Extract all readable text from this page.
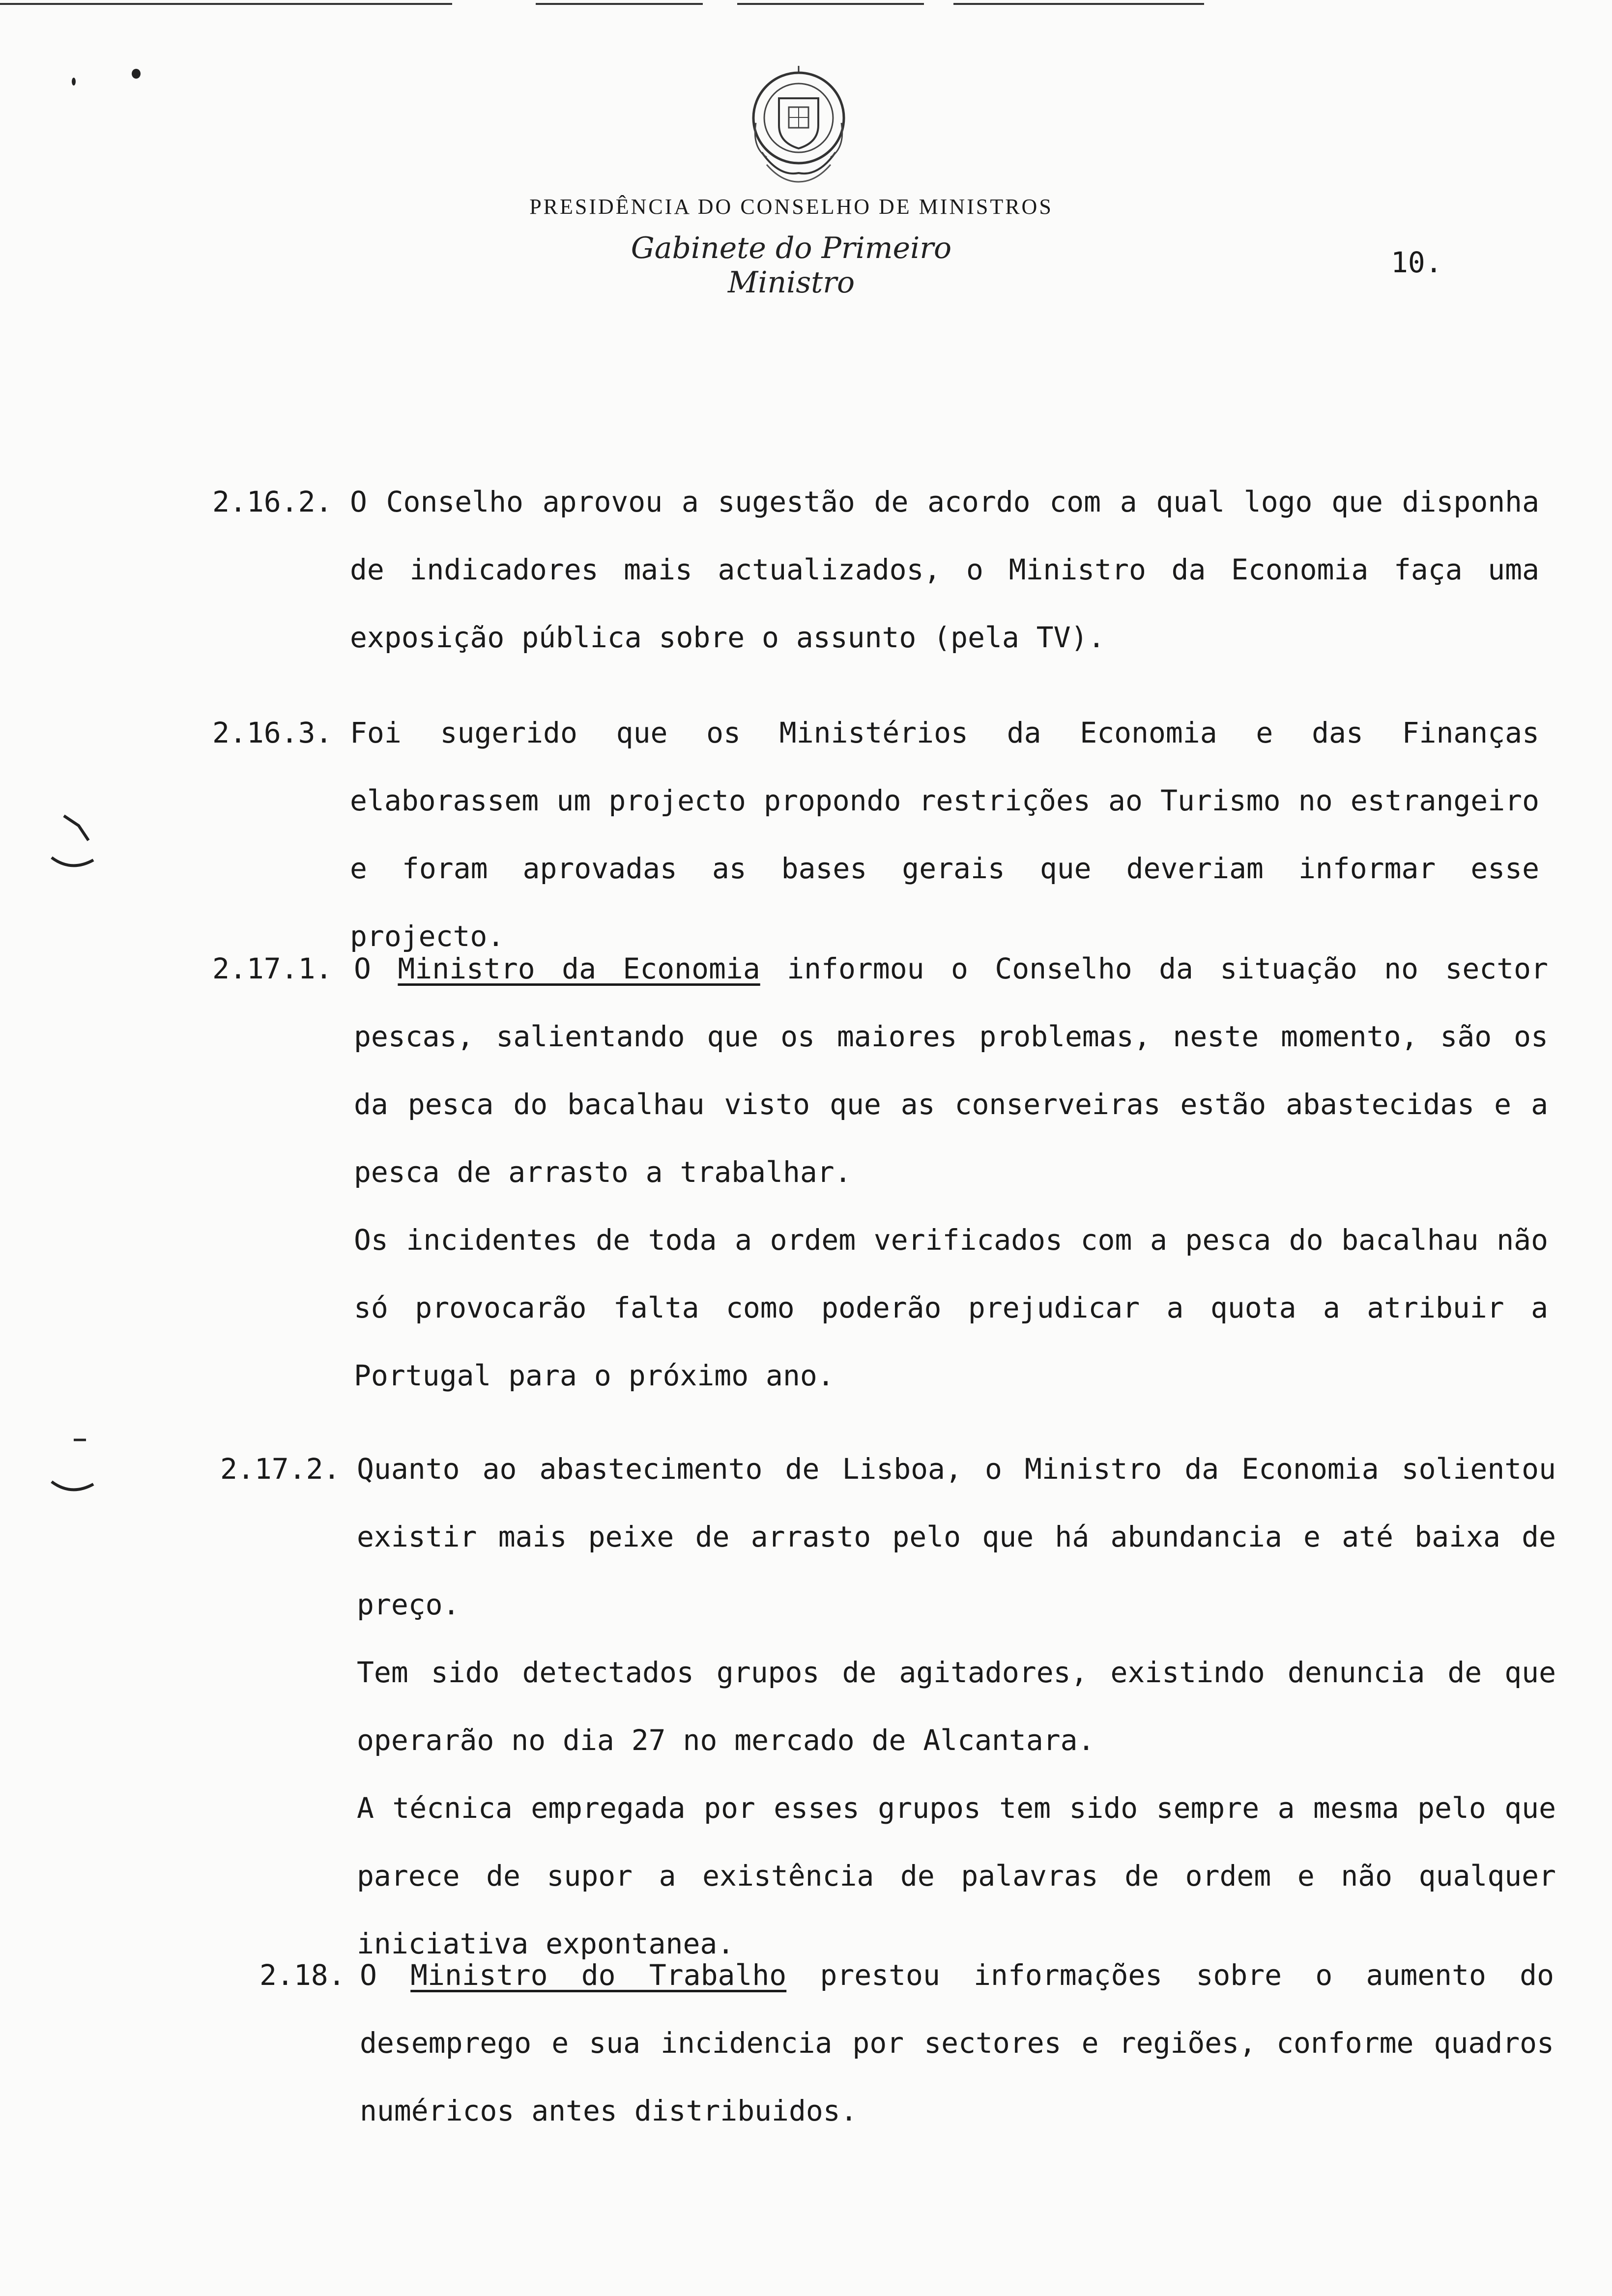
PRESIDÊNCIA DO CONSELHO DE MINISTROS
Gabinete do Primeiro Ministro
10.
2.16.2. O Conselho aprovou a sugestão de acordo com a qual logo que disponha de indicadores mais actualizados, o Ministro da Economia faça uma exposição pública sobre o assunto (pela TV).

2.16.3. Foi sugerido que os Ministérios da Economia e das Finanças elaborassem um projecto propondo restrições ao Turismo no estrangeiro e foram aprovadas as bases gerais que deveriam informar esse projecto.

2.17.1. O Ministro da Economia informou o Conselho da situação no sector pescas, salientando que os maiores problemas, neste momento, são os da pesca do bacalhau visto que as conserveiras estão abastecidas e a pesca de arrasto a trabalhar.

Os incidentes de toda a ordem verificados com a pesca do bacalhau não só provocarão falta como poderão prejudicar a quota a atribuir a Portugal para o próximo ano.

2.17.2. Quanto ao abastecimento de Lisboa, o Ministro da Economia solientou existir mais peixe de arrasto pelo que há abundancia e até baixa de preço.

Tem sido detectados grupos de agitadores, existindo denuncia de que operarão no dia 27 no mercado de Alcantara.

A técnica empregada por esses grupos tem sido sempre a mesma pelo que parece de supor a existência de palavras de ordem e não qualquer iniciativa expontanea.

2.18. O Ministro do Trabalho prestou informações sobre o aumento do desemprego e sua incidencia por sectores e regiões, conforme quadros numéricos antes distribuidos.
